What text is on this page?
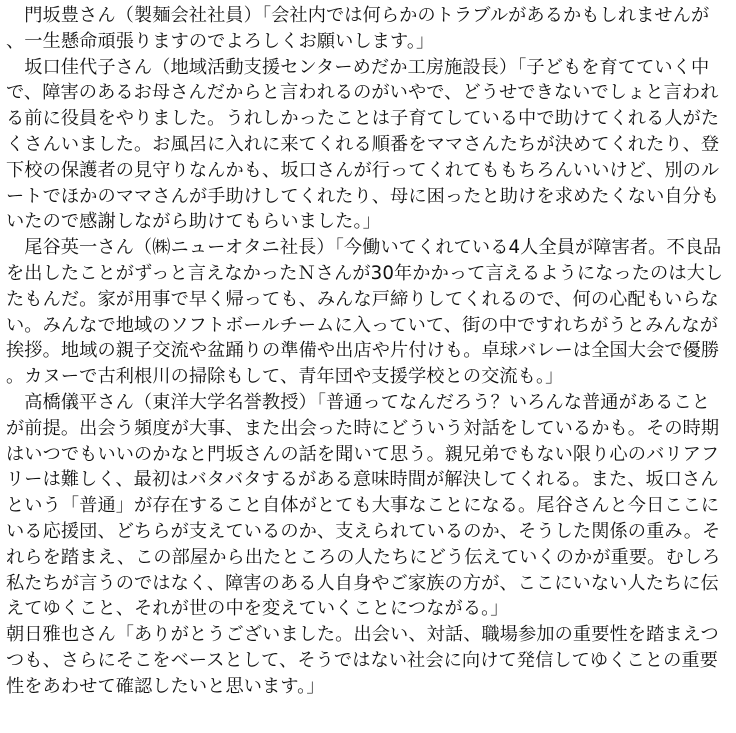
門坂豊さん（製麺会社社員）「会社内では何らかのトラブルがあるかもしれませんが、一生懸命頑張りますのでよろしくお願いします。」

坂口佳代子さん（地域活動支援センターめだか工房施設長）「子どもを育てていく中で、障害のあるお母さんだからと言われるのがいやで、どうせできないでしょと言われる前に役員をやりました。うれしかったことは子育てしている中で助けてくれる人がたくさんいました。お風呂に入れに来てくれる順番をママさんたちが決めてくれたり、登下校の保護者の見守りなんかも、坂口さんが行ってくれてももちろんいいけど、別のルートでほかのママさんが手助けしてくれたり、母に困ったと助けを求めたくない自分もいたので感謝しながら助けてもらいました。」

尾谷英一さん（㈱ニューオタニ社長）「今働いてくれている4人全員が障害者。不良品を出したことがずっと言えなかったＮさんが30年かかって言えるようになったのは大したもんだ。家が用事で早く帰っても、みんな戸締りしてくれるので、何の心配もいらない。みんなで地域のソフトボールチームに入っていて、街の中ですれちがうとみんなが挨拶。地域の親子交流や盆踊りの準備や出店や片付けも。卓球バレーは全国大会で優勝。カヌーで古利根川の掃除もして、青年団や支援学校との交流も。」

高橋儀平さん（東洋大学名誉教授）「普通ってなんだろう？いろんな普通があることが前提。出会う頻度が大事、また出会った時にどういう対話をしているかも。その時期はいつでもいいのかなと門坂さんの話を聞いて思う。親兄弟でもない限り心のバリアフリーは難しく、最初はバタバタするがある意味時間が解決してくれる。また、坂口さんという「普通」が存在すること自体がとても大事なことになる。尾谷さんと今日ここにいる応援団、どちらが支えているのか、支えられているのか、そうした関係の重み。それらを踏まえ、この部屋から出たところの人たちにどう伝えていくのかが重要。むしろ私たちが言うのではなく、障害のある人自身やご家族の方が、ここにいない人たちに伝えてゆくこと、それが世の中を変えていくことにつながる。」

朝日雅也さん「ありがとうございました。出会い、対話、職場参加の重要性を踏まえつつも、さらにそこをベースとして、そうではない社会に向けて発信してゆくことの重要性をあわせて確認したいと思います。」
